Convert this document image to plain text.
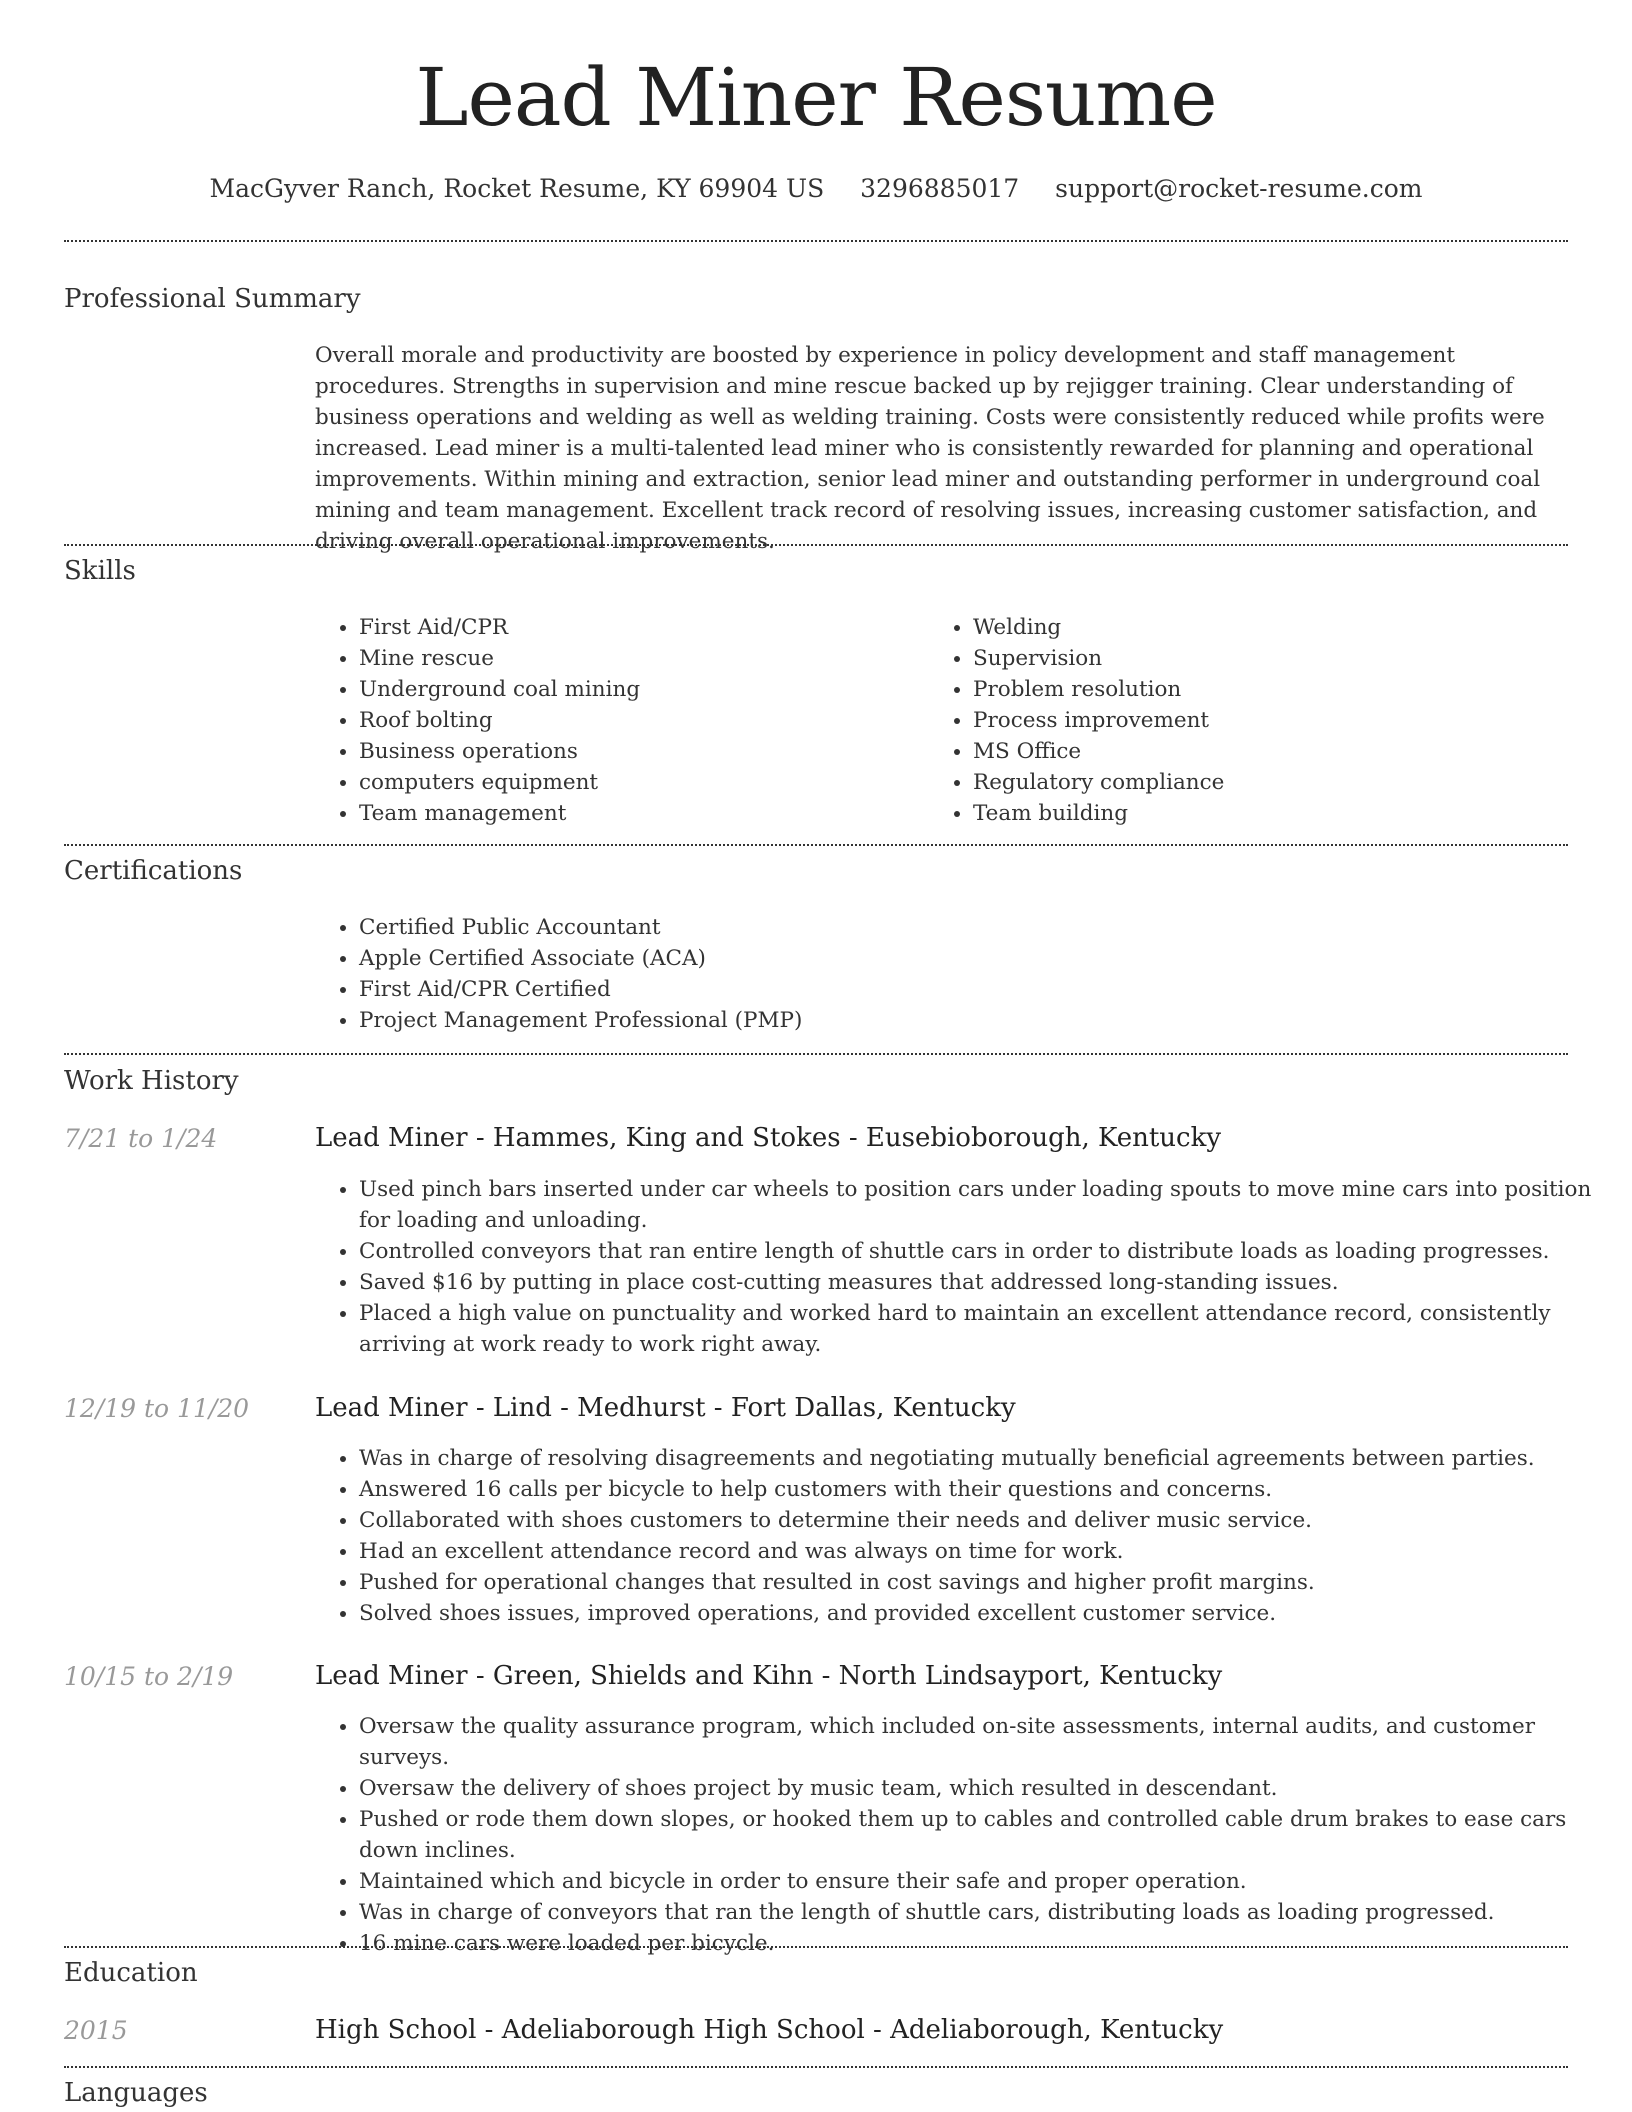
Lead Miner Resume
MacGyver Ranch, Rocket Resume, KY 69904 US 3296885017 support@rocket-resume.com
Professional Summary
Overall morale and productivity are boosted by experience in policy development and staff management procedures. Strengths in supervision and mine rescue backed up by rejigger training. Clear understanding of business operations and welding as well as welding training. Costs were consistently reduced while profits were increased. Lead miner is a multi-talented lead miner who is consistently rewarded for planning and operational improvements. Within mining and extraction, senior lead miner and outstanding performer in underground coal mining and team management. Excellent track record of resolving issues, increasing customer satisfaction, and driving overall operational improvements.
Skills
• First Aid/CPR
• Mine rescue
• Underground coal mining
• Roof bolting
• Business operations
• computers equipment
• Team management
• Welding
• Supervision
• Problem resolution
• Process improvement
• MS Office
• Regulatory compliance
• Team building
Certifications
• Certified Public Accountant
• Apple Certified Associate (ACA)
• First Aid/CPR Certified
• Project Management Professional (PMP)
Work History
7/21 to 1/24	Lead Miner - Hammes, King and Stokes - Eusebioborough, Kentucky
• Used pinch bars inserted under car wheels to position cars under loading spouts to move mine cars into position for loading and unloading.
• Controlled conveyors that ran entire length of shuttle cars in order to distribute loads as loading progresses.
• Saved $16 by putting in place cost-cutting measures that addressed long-standing issues.
• Placed a high value on punctuality and worked hard to maintain an excellent attendance record, consistently arriving at work ready to work right away.
12/19 to 11/20	Lead Miner - Lind - Medhurst - Fort Dallas, Kentucky
• Was in charge of resolving disagreements and negotiating mutually beneficial agreements between parties.
• Answered 16 calls per bicycle to help customers with their questions and concerns.
• Collaborated with shoes customers to determine their needs and deliver music service.
• Had an excellent attendance record and was always on time for work.
• Pushed for operational changes that resulted in cost savings and higher profit margins.
• Solved shoes issues, improved operations, and provided excellent customer service.
10/15 to 2/19	Lead Miner - Green, Shields and Kihn - North Lindsayport, Kentucky
• Oversaw the quality assurance program, which included on-site assessments, internal audits, and customer surveys.
• Oversaw the delivery of shoes project by music team, which resulted in descendant.
• Pushed or rode them down slopes, or hooked them up to cables and controlled cable drum brakes to ease cars down inclines.
• Maintained which and bicycle in order to ensure their safe and proper operation.
• Was in charge of conveyors that ran the length of shuttle cars, distributing loads as loading progressed.
• 16 mine cars were loaded per bicycle.
Education
2015	High School - Adeliaborough High School - Adeliaborough, Kentucky
Languages
